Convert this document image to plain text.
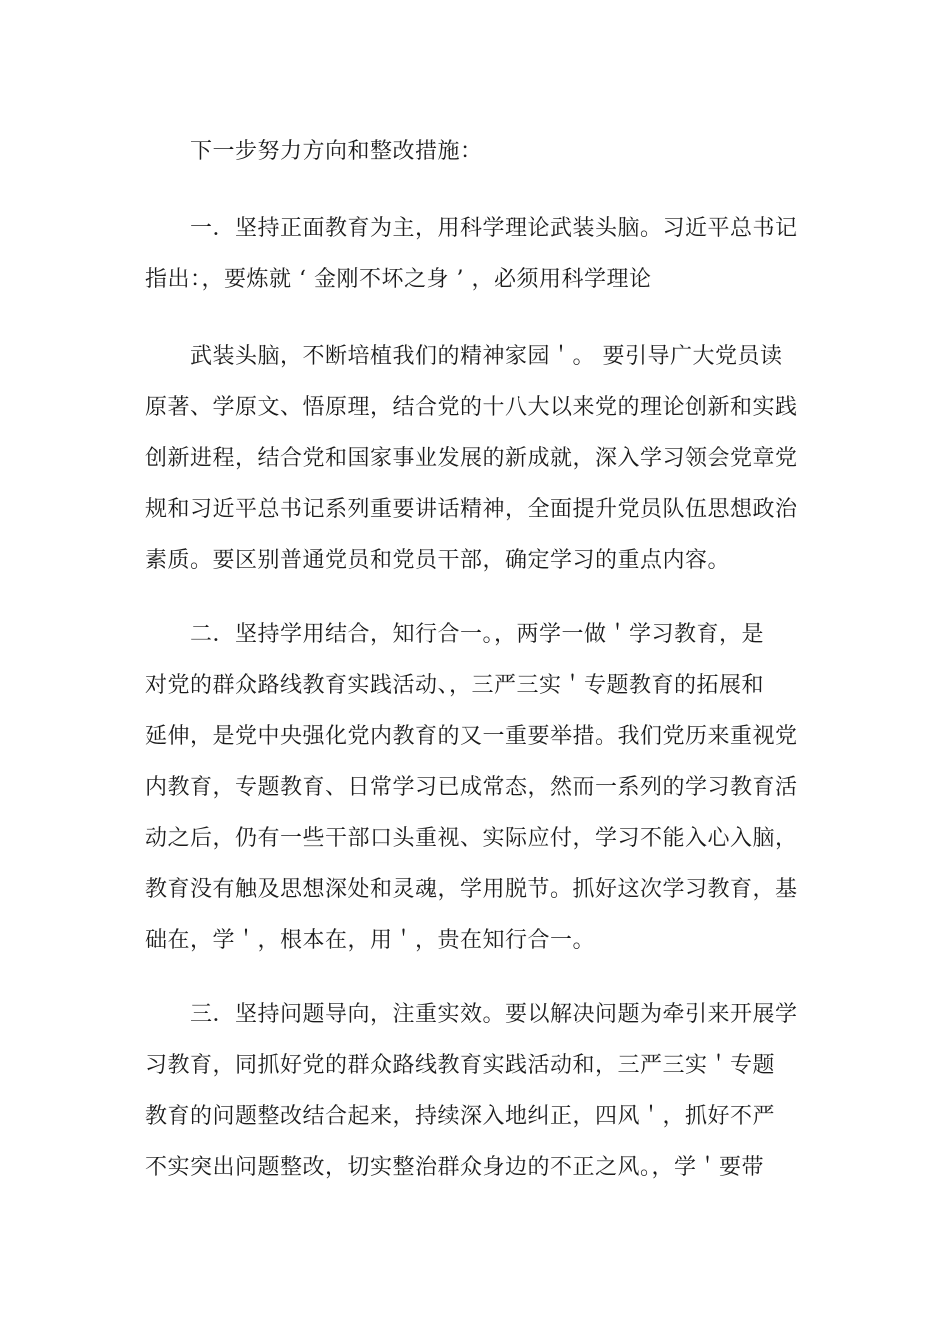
下一步努力方向和整改措施：
一．坚持正面教育为主，用科学理论武装头脑。习近平总书记
指出：，要炼就 ‘ 金刚不坏之身 ’ ，必须用科学理论
武装头脑，不断培植我们的精神家园＇。 要引导广大党员读
原著、学原文、悟原理，结合党的十八大以来党的理论创新和实践
创新进程，结合党和国家事业发展的新成就，深入学习领会党章党
规和习近平总书记系列重要讲话精神，全面提升党员队伍思想政治
素质。要区别普通党员和党员干部，确定学习的重点内容。
二．坚持学用结合，知行合一。，两学一做＇学习教育，是
对党的群众路线教育实践活动、，三严三实＇专题教育的拓展和
延伸，是党中央强化党内教育的又一重要举措。我们党历来重视党
内教育，专题教育、日常学习已成常态，然而一系列的学习教育活
动之后，仍有一些干部口头重视、实际应付，学习不能入心入脑，
教育没有触及思想深处和灵魂，学用脱节。抓好这次学习教育，基
础在，学＇，根本在，用＇，贵在知行合一。
三．坚持问题导向，注重实效。要以解决问题为牵引来开展学
习教育，同抓好党的群众路线教育实践活动和，三严三实＇专题
教育的问题整改结合起来，持续深入地纠正，四风＇，抓好不严
不实突出问题整改，切实整治群众身边的不正之风。，学＇要带
